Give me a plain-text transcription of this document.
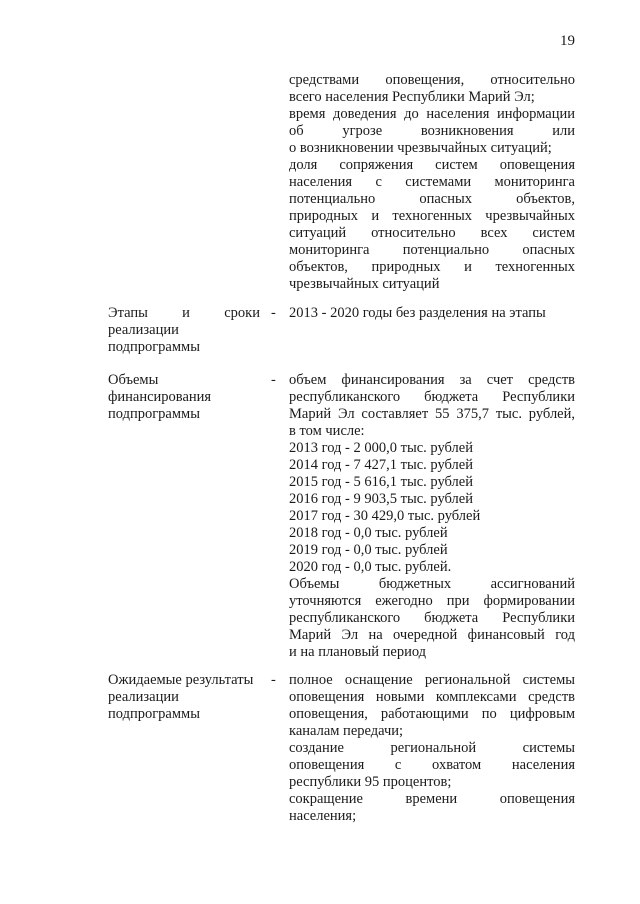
19
средствами оповещения, относительно
всего населения Республики Марий Эл;
время доведения до населения информации
об угрозе возникновения или
о возникновении чрезвычайных ситуаций;
доля сопряжения систем оповещения
населения с системами мониторинга
потенциально опасных объектов,
природных и техногенных чрезвычайных
ситуаций относительно всех систем
мониторинга потенциально опасных
объектов, природных и техногенных
чрезвычайных ситуаций
Этапы и сроки
реализации
подпрограммы
- 2013 - 2020 годы без разделения на этапы
Объемы
финансирования
подпрограммы
- объем финансирования за счет средств
республиканского бюджета Республики
Марий Эл составляет 55 375,7 тыс. рублей,
в том числе:
2013 год - 2 000,0 тыс. рублей
2014 год - 7 427,1 тыс. рублей
2015 год - 5 616,1 тыс. рублей
2016 год - 9 903,5 тыс. рублей
2017 год - 30 429,0 тыс. рублей
2018 год - 0,0 тыс. рублей
2019 год - 0,0 тыс. рублей
2020 год - 0,0 тыс. рублей.
Объемы бюджетных ассигнований
уточняются ежегодно при формировании
республиканского бюджета Республики
Марий Эл на очередной финансовый год
и на плановый период
Ожидаемые результаты
реализации
подпрограммы
- полное оснащение региональной системы
оповещения новыми комплексами средств
оповещения, работающими по цифровым
каналам передачи;
создание региональной системы
оповещения с охватом населения
республики 95 процентов;
сокращение времени оповещения
населения;
